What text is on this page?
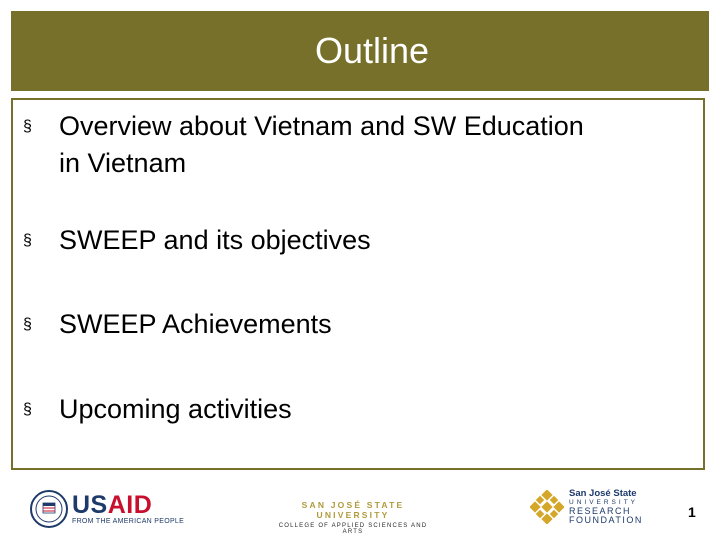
Outline
§	Overview about Vietnam and SW Education
in Vietnam
§	SWEEP and its objectives
§	SWEEP Achievements
§	Upcoming activities
USAID
FROM THE AMERICAN PEOPLE
SAN JOSÉ STATE UNIVERSITY
COLLEGE OF APPLIED SCIENCES AND ARTS
San José State
UNIVERSITY
RESEARCH
FOUNDATION	1
